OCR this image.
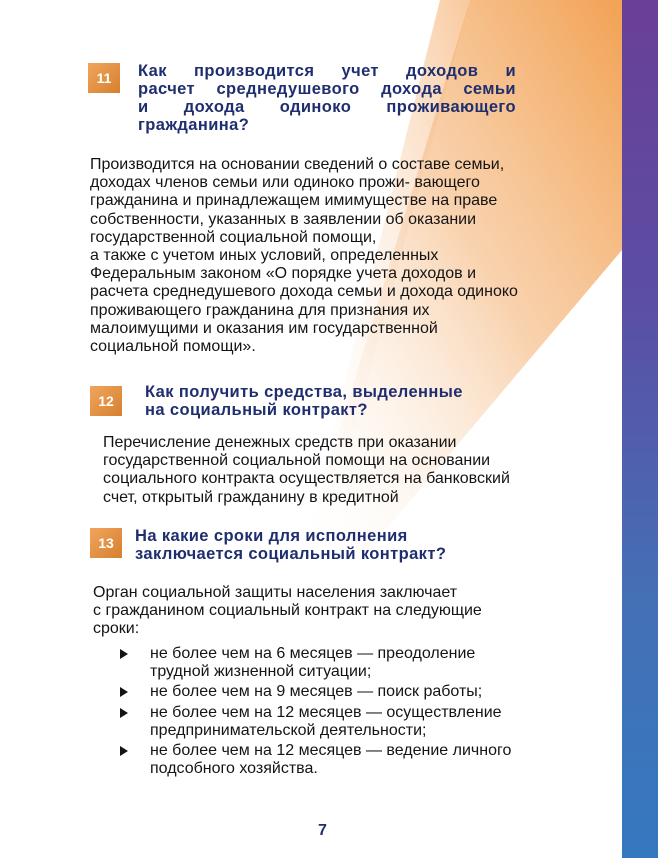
11 Как производится учет доходов и
расчет среднедушевого дохода семьи
и дохода одиноко проживающего
гражданина?
Производится на основании сведений о составе семьи,
доходах членов семьи или одиноко прожи- вающего
гражданина и принадлежащем имимуществе на праве
собственности, указанных в заявлении об оказании
государственной социальной помощи,
а также с учетом иных условий, определенных
Федеральным законом «О порядке учета доходов и
расчета среднедушевого дохода семьи и дохода одиноко
проживающего гражданина для признания их
малоимущими и оказания им государственной
социальной помощи».
12 Как получить средства, выделенные
на социальный контракт?
Перечисление денежных средств при оказании
государственной социальной помощи на основании
социального контракта осуществляется на банковский
счет, открытый гражданину в кредитной
13 На какие сроки для исполнения
заключается социальный контракт?
Орган социальной защиты населения заключает
с гражданином социальный контракт на следующие
сроки:
не более чем на 6 месяцев — преодоление
трудной жизненной ситуации;
не более чем на 9 месяцев — поиск работы;
не более чем на 12 месяцев — осуществление
предпринимательской деятельности;
не более чем на 12 месяцев — ведение личного
подсобного хозяйства.
7
